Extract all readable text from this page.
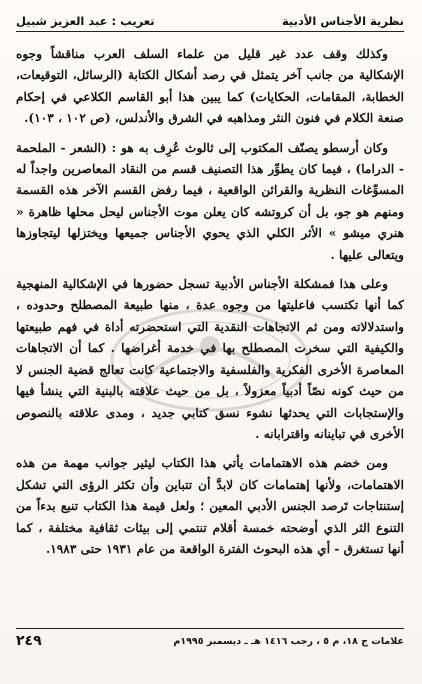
تعريب : عبد العزيز شبيل	نظرية الأجناس الأدبية

وكذلك وقف عدد غير قليل من علماء السلف العرب مناقشاً وجوه الإشكالية من جانب آخر يتمثل في رصد أشكال الكتابة (الرسائل، التوقيعات، الخطابة، المقامات، الحكايات) كما يبين هذا أبو القاسم الكلاعي في إحكام صنعة الكلام في فنون النثر ومذاهبه في الشرق والأندلس، (ص ١٠٢ ، ١٠٣).

وكان أرسطو يصنّف المكتوب إلى ثالوث عُرِف به هو : (الشعر - الملحمة - الدراما) ، فيما كان يطوِّر هذا التصنيف قسم من النقاد المعاصرين واجداً له المسوِّغات النظرية والقرائن الواقعية ، فيما رفض القسم الآخر هذه القسمة ومنهم هو جو، بل أن كروتشه كان يعلن موت الأجناس ليحل محلها ظاهرة « هنري ميشو » الأثر الكلي الذي يحوي الأجناس جميعها ويختزلها ليتجاوزها ويتعالى عليها .

وعلى هذا فمشكلة الأجناس الأدبية تسجل حضورها في الإشكالية المنهجية كما أنها تكتسب فاعليتها من وجوه عدة ، منها طبيعة المصطلح وحدوده ، واستدلالاته ومن ثم الاتجاهات النقدية التي استحضرته أداة في فهم طبيعتها والكيفية التي سخرت المصطلح بها في خدمة أغراضها . كما أن الاتجاهات المعاصرة الأخرى الفكرية والفلسفية والاجتماعية كانت تعالج قضية الجنس لا من حيث كونه نصّاً أدبياً معزولاً ، بل من حيث علاقته بالبنية التي ينشأ فيها والإستجابات التي يحدثها نشوء نسق كتابي جديد ، ومدى علاقته بالنصوص الأخرى في تباينانه واقترابانه .

ومن خضم هذه الاهتمامات يأتي هذا الكتاب ليثير جوانب مهمة من هذه الاهتمامات، ولأنها إهتمامات كان لابدَّ أن تتباين وأن تكثر الرؤى التي تشكل إستنتاجات تَرصد الجنس الأدبي المعين ؛ ولعل قيمة هذا الكتاب تنبع بدءاً من التنوع الثر الذي أوضحته خمسة أقلام تنتمي إلى بيئات ثقافية مختلفة ، كما أنها تستغرق - أي هذه البحوث الفترة الواقعة من عام ١٩٣١ حتى ١٩٨٣.

٢٤٩	علامات ج ١٨، م ٥ ، رجب ١٤١٦ هـ ـ ديسمبر ١٩٩٥م
